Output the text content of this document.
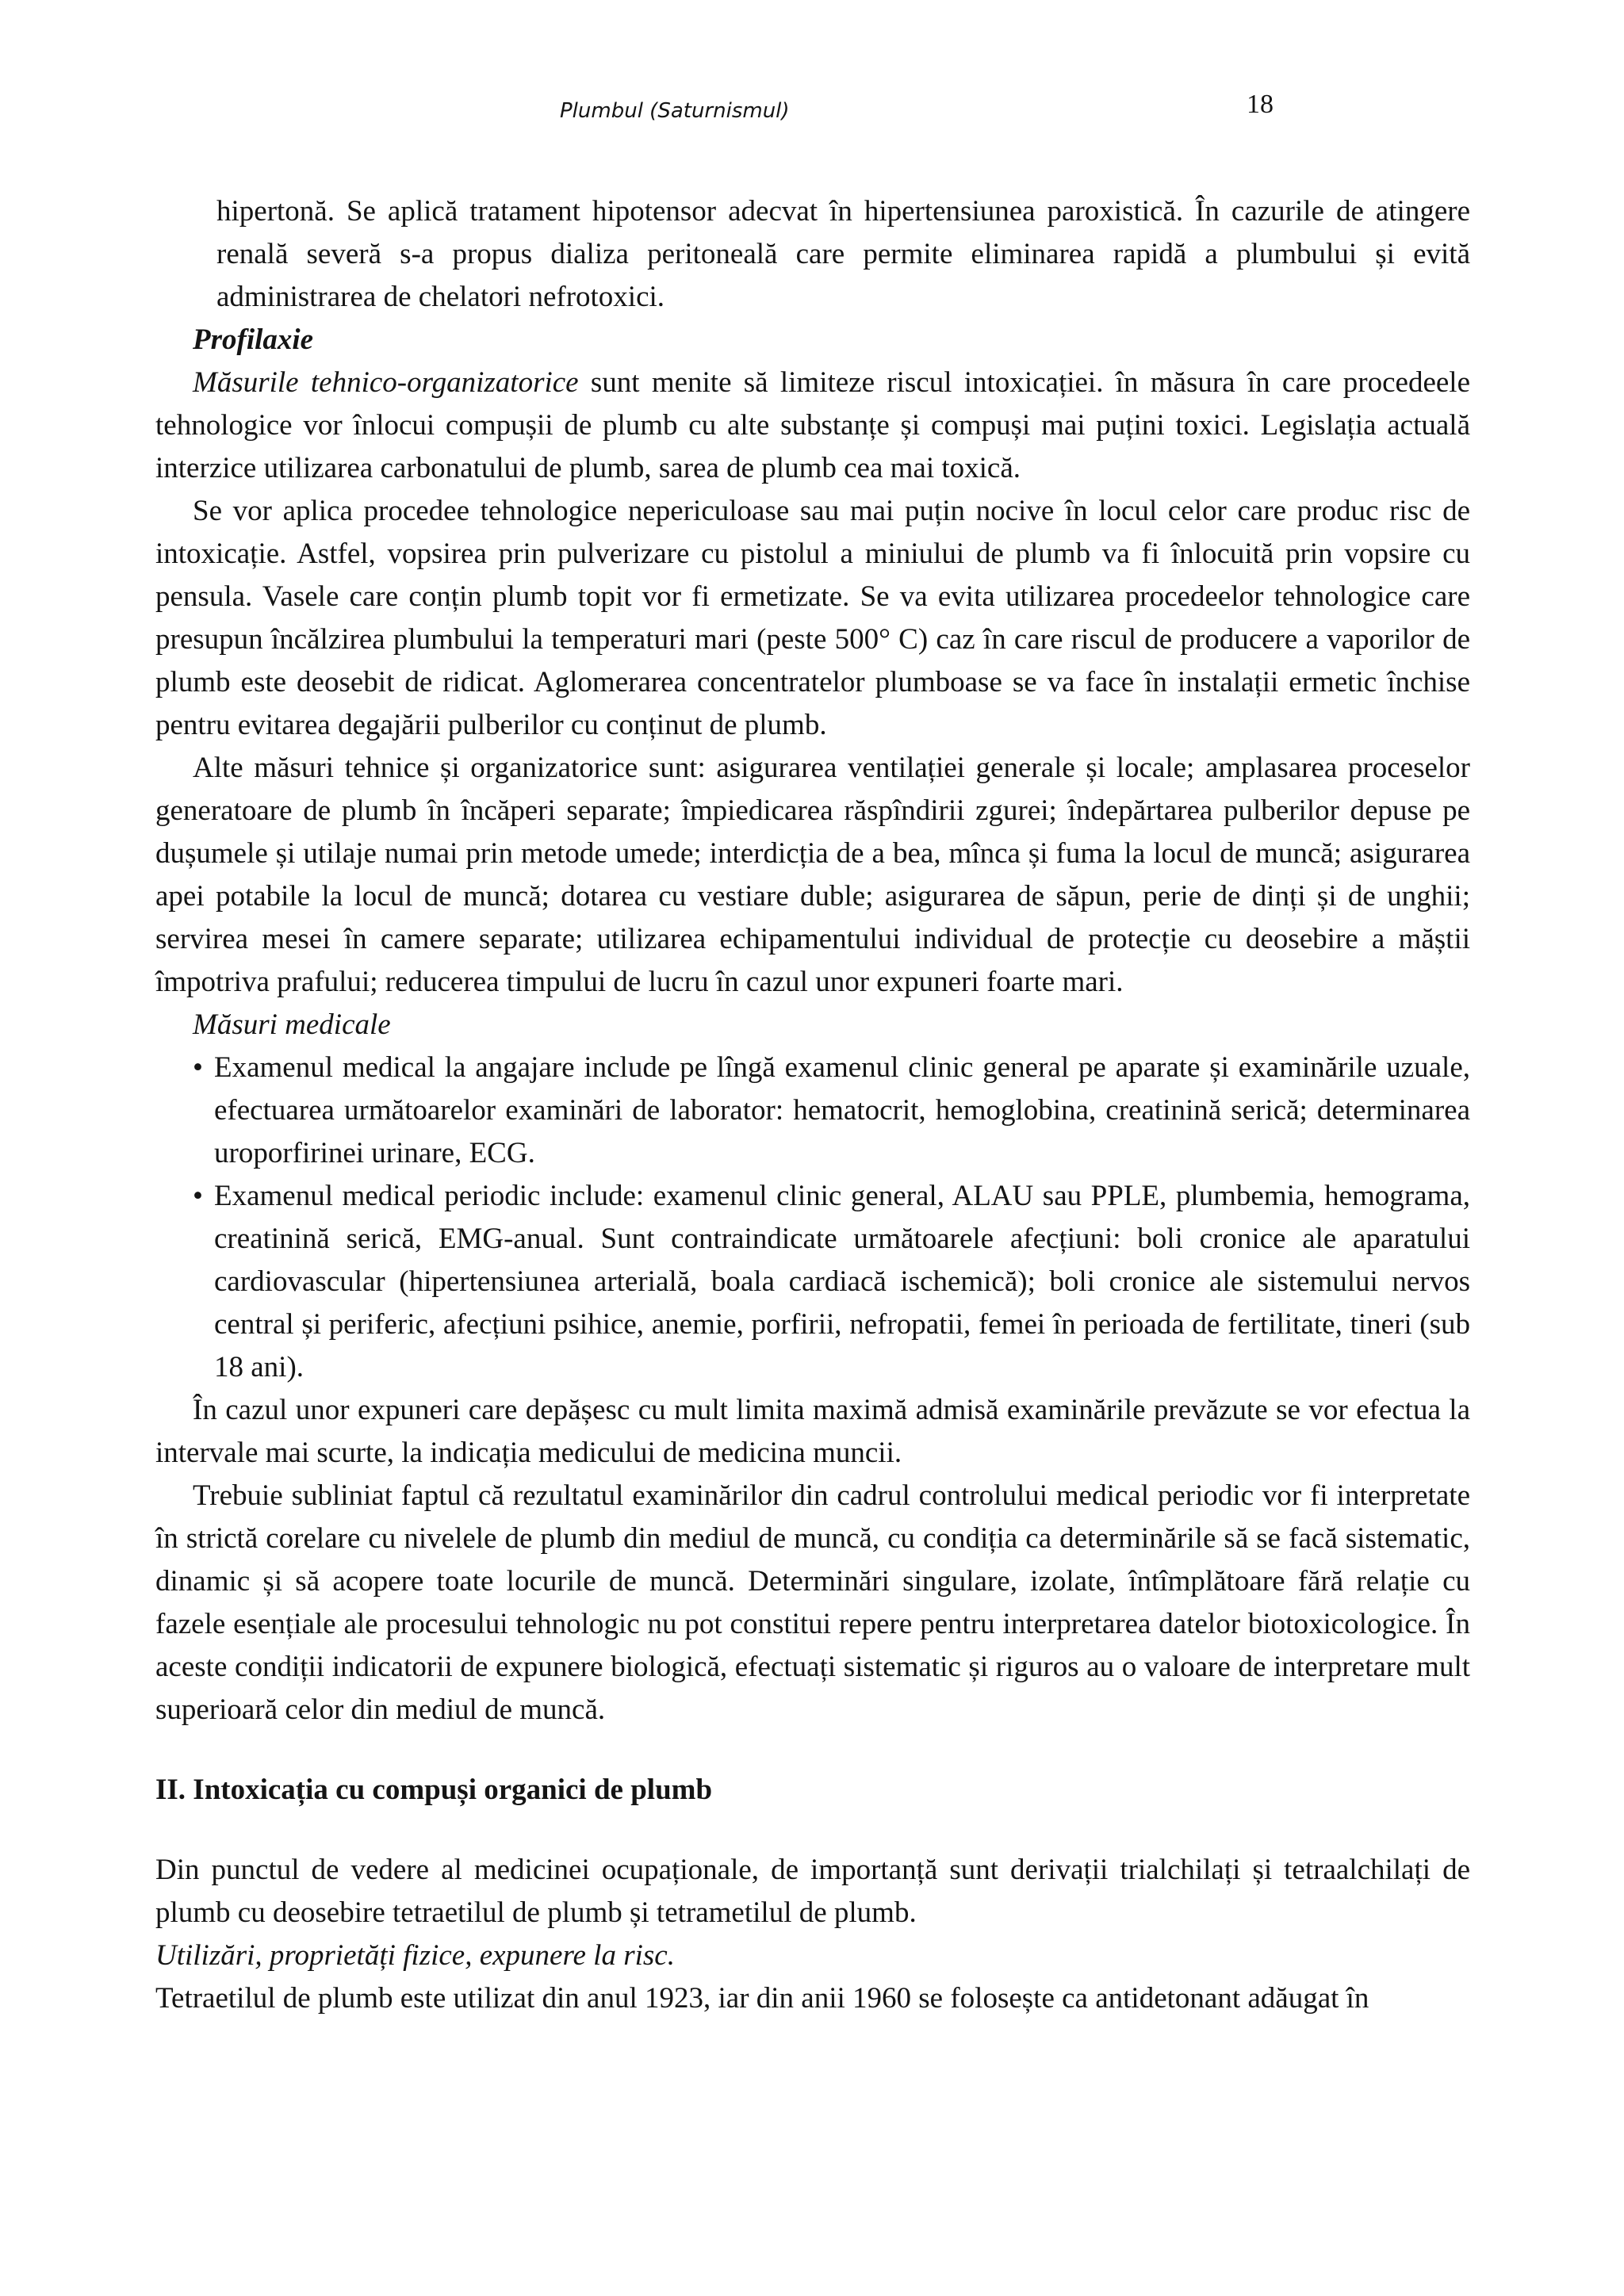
Plumbul (Saturnismul)	18

hipertonă. Se aplică tratament hipotensor adecvat în hipertensiunea paroxistică. În cazurile de atingere renală severă s-a propus dializa peritoneală care permite eliminarea rapidă a plumbului și evită administrarea de chelatori nefrotoxici.

Profilaxie

Măsurile tehnico-organizatorice sunt menite să limiteze riscul intoxicației. în măsura în care procedeele tehnologice vor înlocui compușii de plumb cu alte substanțe și compuși mai puțini toxici. Legislația actuală interzice utilizarea carbonatului de plumb, sarea de plumb cea mai toxică.

Se vor aplica procedee tehnologice nepericuloase sau mai puțin nocive în locul celor care produc risc de intoxicație. Astfel, vopsirea prin pulverizare cu pistolul a miniului de plumb va fi înlocuită prin vopsire cu pensula. Vasele care conțin plumb topit vor fi ermetizate. Se va evita utilizarea procedeelor tehnologice care presupun încălzirea plumbului la temperaturi mari (peste 500° C) caz în care riscul de producere a vaporilor de plumb este deosebit de ridicat. Aglomerarea concentratelor plumboase se va face în instalații ermetic închise pentru evitarea degajării pulberilor cu conținut de plumb.

Alte măsuri tehnice și organizatorice sunt: asigurarea ventilației generale și locale; amplasarea proceselor generatoare de plumb în încăperi separate; împiedicarea răspîndirii zgurei; îndepărtarea pulberilor depuse pe dușumele și utilaje numai prin metode umede; interdicția de a bea, mînca și fuma la locul de muncă; asigurarea apei potabile la locul de muncă; dotarea cu vestiare duble; asigurarea de săpun, perie de dinți și de unghii; servirea mesei în camere separate; utilizarea echipamentului individual de protecție cu deosebire a măștii împotriva prafului; reducerea timpului de lucru în cazul unor expuneri foarte mari.

Măsuri medicale

• Examenul medical la angajare include pe lîngă examenul clinic general pe aparate și examinările uzuale, efectuarea următoarelor examinări de laborator: hematocrit, hemoglobina, creatinină serică; determinarea uroporfirinei urinare, ECG.
• Examenul medical periodic include: examenul clinic general, ALAU sau PPLE, plumbemia, hemograma, creatinină serică, EMG-anual. Sunt contraindicate următoarele afecțiuni: boli cronice ale aparatului cardiovascular (hipertensiunea arterială, boala cardiacă ischemică); boli cronice ale sistemului nervos central și periferic, afecțiuni psihice, anemie, porfirii, nefropatii, femei în perioada de fertilitate, tineri (sub 18 ani).

În cazul unor expuneri care depășesc cu mult limita maximă admisă examinările prevăzute se vor efectua la intervale mai scurte, la indicația medicului de medicina muncii.

Trebuie subliniat faptul că rezultatul examinărilor din cadrul controlului medical periodic vor fi interpretate în strictă corelare cu nivelele de plumb din mediul de muncă, cu condiția ca determinările să se facă sistematic, dinamic și să acopere toate locurile de muncă. Determinări singulare, izolate, întîmplătoare fără relație cu fazele esențiale ale procesului tehnologic nu pot constitui repere pentru interpretarea datelor biotoxicologice. În aceste condiții indicatorii de expunere biologică, efectuați sistematic și riguros au o valoare de interpretare mult superioară celor din mediul de muncă.

II. Intoxicația cu compuși organici de plumb

Din punctul de vedere al medicinei ocupaționale, de importanță sunt derivații trialchilați și tetraalchilați de plumb cu deosebire tetraetilul de plumb și tetrametilul de plumb.

Utilizări, proprietăți fizice, expunere la risc.

Tetraetilul de plumb este utilizat din anul 1923, iar din anii 1960 se folosește ca antidetonant adăugat în
